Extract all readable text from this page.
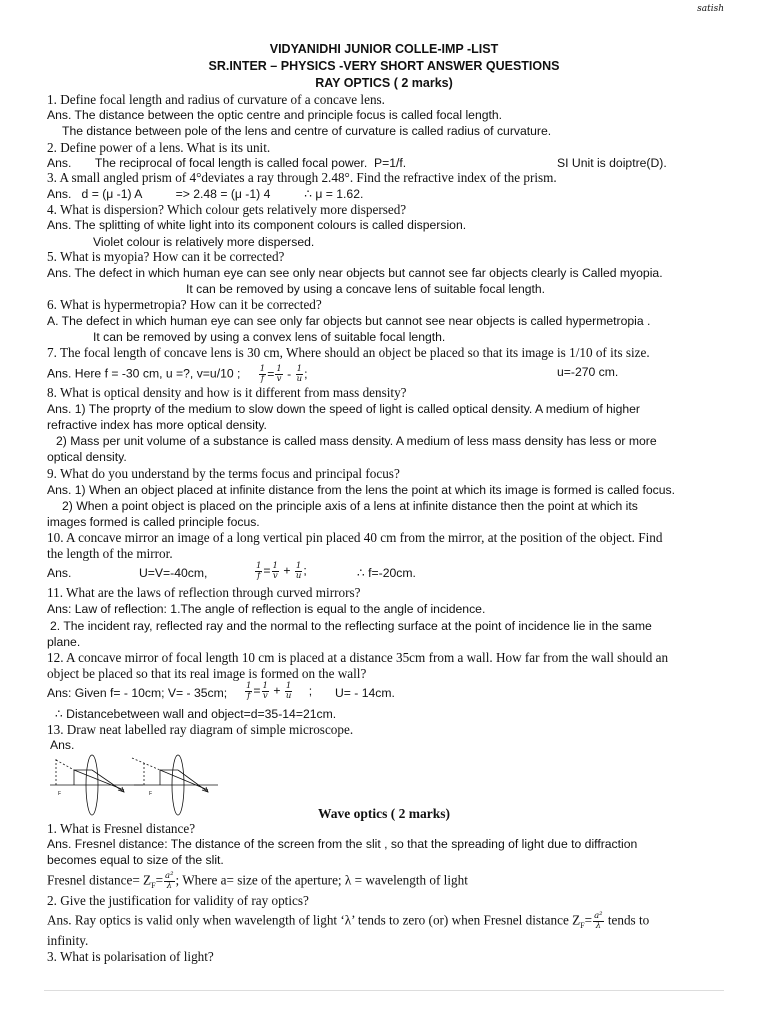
satish
VIDYANIDHI JUNIOR COLLE-IMP -LIST
SR.INTER – PHYSICS -VERY SHORT ANSWER QUESTIONS
RAY OPTICS ( 2 marks)
1. Define focal length and radius of curvature of a concave lens.
Ans. The distance between the optic centre and principle focus is called focal length.
The distance between pole of the lens and centre of curvature is called radius of curvature.
2. Define power of a lens. What is its unit.
Ans.       The reciprocal of focal length is called focal power.  P=1/f.	SI Unit is doiptre(D).
3. A small angled prism of 4°deviates a ray through 2.48°. Find the refractive index of the prism.
Ans.   d = (μ -1) A          => 2.48 = (μ -1) 4          ∴ μ = 1.62.
4. What is dispersion? Which colour gets relatively more dispersed?
Ans. The splitting of white light into its component colours is called dispersion.
Violet colour is relatively more dispersed.
5. What is myopia? How can it be corrected?
Ans. The defect in which human eye can see only near objects but cannot see far objects clearly is Called myopia.
It can be removed by using a concave lens of suitable focal length.
6. What is hypermetropia? How can it be corrected?
A. The defect in which human eye can see only far objects but cannot see near objects is called hypermetropia .
It can be removed by using a convex lens of suitable focal length.
7. The focal length of concave lens is 30 cm, Where should an object be placed so that its image is 1/10 of its size.
Ans. Here f = -30 cm, u =?, v=u/10 ; $\frac{1}{f} = \frac{1}{v} - \frac{1}{u}$ ;	u=-270 cm.
8. What is optical density and how is it different from mass density?
Ans. 1) The proprty of the medium to slow down the speed of light is called optical density. A medium of higher
refractive index has more optical density.
2) Mass per unit volume of a substance is called mass density. A medium of less mass density has less or more
optical density.
9. What do you understand by the terms focus and principal focus?
Ans. 1) When an object placed at infinite distance from the lens the point at which its image is formed is called focus.
2) When a point object is placed on the principle axis of a lens at infinite distance then the point at which its
images formed is called principle focus.
10. A concave mirror an image of a long vertical pin placed 40 cm from the mirror, at the position of the object. Find
the length of the mirror.
Ans.	U=V=-40cm,	$\frac{1}{f} = \frac{1}{v} + \frac{1}{u}$ ;	∴ f=-20cm.
11. What are the laws of reflection through curved mirrors?
Ans: Law of reflection: 1.The angle of reflection is equal to the angle of incidence.
2. The incident ray, reflected ray and the normal to the reflecting surface at the point of incidence lie in the same
plane.
12. A concave mirror of focal length 10 cm is placed at a distance 35cm from a wall. How far from the wall should an
object be placed so that its real image is formed on the wall?
Ans: Given f= - 10cm; V= - 35cm; $\frac{1}{f} = \frac{1}{v} + \frac{1}{u}$ ; U= - 14cm.
∴ Distancebetween wall and object=d=35-14=21cm.
13. Draw neat labelled ray diagram of simple microscope.
Ans.
F	F
Wave optics ( 2 marks)
1. What is Fresnel distance?
Ans. Fresnel distance: The distance of the screen from the slit , so that the spreading of light due to diffraction
becomes equal to size of the slit.
Fresnel distance= $Z_F= \frac{\text{a²}}{\lambda}$ ; Where a= size of the aperture; λ = wavelength of light
2. Give the justification for validity of ray optics?
Ans. Ray optics is valid only when wavelength of light ‘λ’ tends to zero (or) when Fresnel distance $Z_F= \frac{\text{a²}}{\lambda}$ tends to
infinity.
3. What is polarisation of light?
